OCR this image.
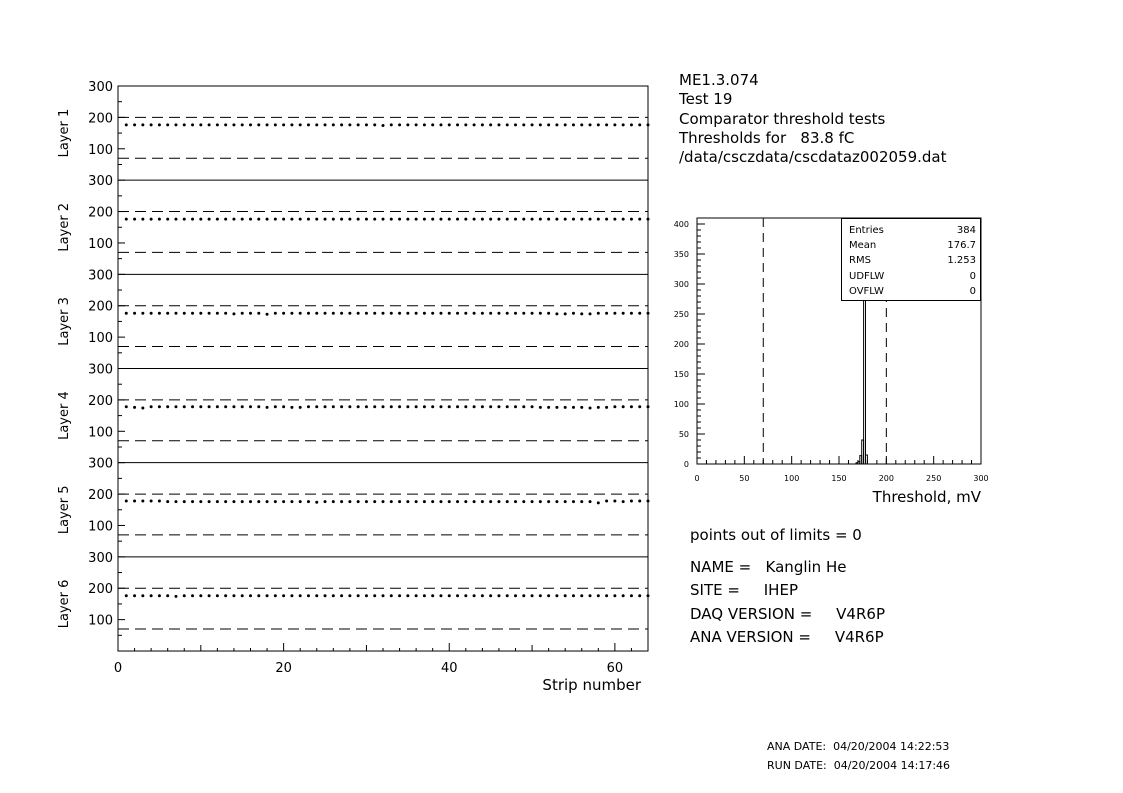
100
200
300
Layer 1
100
200
300
Layer 2
100
200
300
Layer 3
100
200
300
Layer 4
100
200
300
Layer 5
100
200
300
Layer 6
0	20	40	60
Strip number
0
50
100
150
200
250
300
350
400
0	50	100	150	200	250	300
Threshold, mV
ME1.3.074
Test 19
Comparator threshold tests
Thresholds for   83.8 fC
/data/csczdata/cscdataz002059.dat
Entries	384
Mean	176.7
RMS	1.253
UDFLW	0
OVFLW	0
points out of limits = 0
NAME =   Kanglin He
SITE =     IHEP
DAQ VERSION =     V4R6P
ANA VERSION =     V4R6P
ANA DATE:  04/20/2004 14:22:53
RUN DATE:  04/20/2004 14:17:46
